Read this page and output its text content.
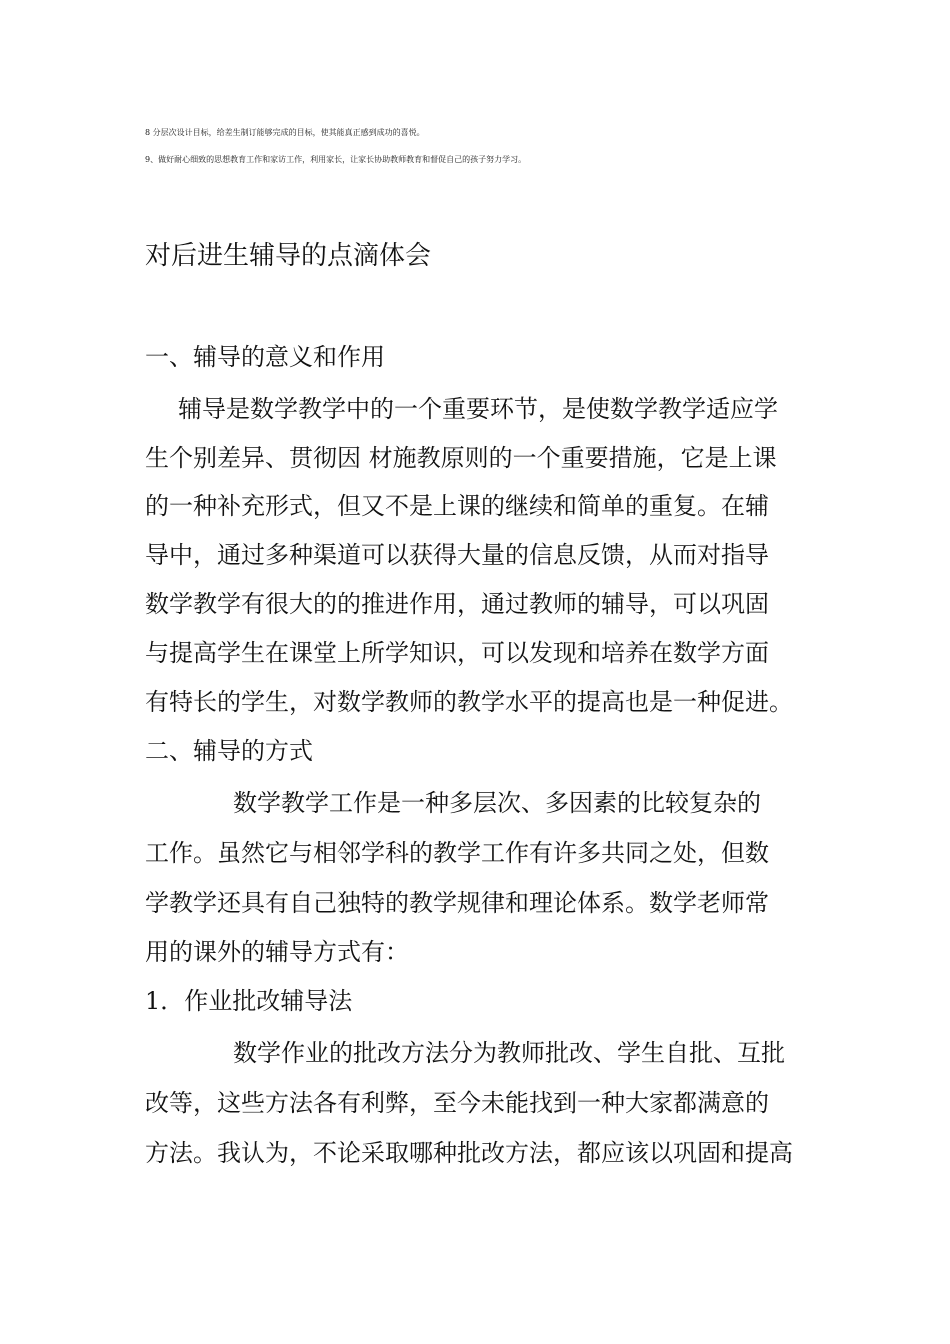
8 分层次设计目标，给差生制订能够完成的目标，使其能真正感到成功的喜悦。
9、做好耐心细致的思想教育工作和家访工作，利用家长，让家长协助教师教育和督促自己的孩子努力学习。
对后进生辅导的点滴体会
一、辅导的意义和作用
辅导是数学教学中的一个重要环节，是使数学教学适应学
生个别差异、贯彻因 材施教原则的一个重要措施，它是上课
的一种补充形式，但又不是上课的继续和简单的重复。在辅
导中，通过多种渠道可以获得大量的信息反馈，从而对指导
数学教学有很大的的推进作用，通过教师的辅导，可以巩固
与提高学生在课堂上所学知识，可以发现和培养在数学方面
有特长的学生，对数学教师的教学水平的提高也是一种促进。
二、辅导的方式
数学教学工作是一种多层次、多因素的比较复杂的
工作。虽然它与相邻学科的教学工作有许多共同之处，但数
学教学还具有自己独特的教学规律和理论体系。数学老师常
用的课外的辅导方式有：
1．作业批改辅导法
数学作业的批改方法分为教师批改、学生自批、互批
改等，这些方法各有利弊，至今未能找到一种大家都满意的
方法。我认为，不论采取哪种批改方法，都应该以巩固和提高
